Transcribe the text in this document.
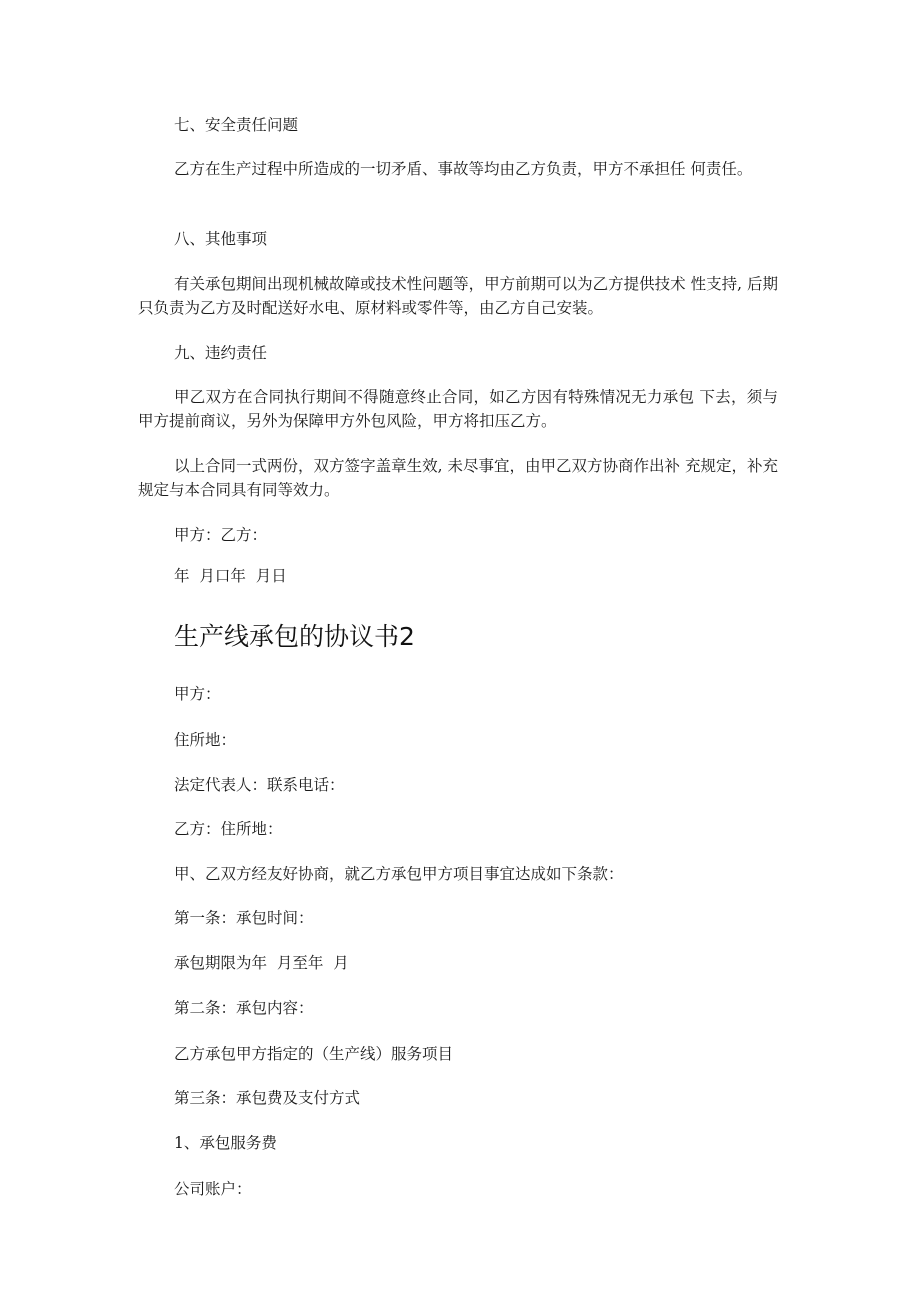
七、安全责任问题
乙方在生产过程中所造成的一切矛盾、事故等均由乙方负责，甲方不承担任 何责任。
八、其他事项
有关承包期间出现机械故障或技术性问题等，甲方前期可以为乙方提供技术 性支持, 后期只负责为乙方及时配送好水电、原材料或零件等，由乙方自己安装。
九、违约责任
甲乙双方在合同执行期间不得随意终止合同，如乙方因有特殊情况无力承包 下去，须与甲方提前商议，另外为保障甲方外包风险，甲方将扣压乙方。
以上合同一式两份，双方签字盖章生效, 未尽事宜，由甲乙双方协商作出补 充规定，补充规定与本合同具有同等效力。
甲方：乙方：
年  月口年  月日
生产线承包的协议书2
甲方：
住所地：
法定代表人：联系电话：
乙方：住所地：
甲、乙双方经友好协商，就乙方承包甲方项目事宜达成如下条款：
第一条：承包时间：
承包期限为年  月至年  月
第二条：承包内容：
乙方承包甲方指定的（生产线）服务项目
第三条：承包费及支付方式
1、承包服务费
公司账户：
